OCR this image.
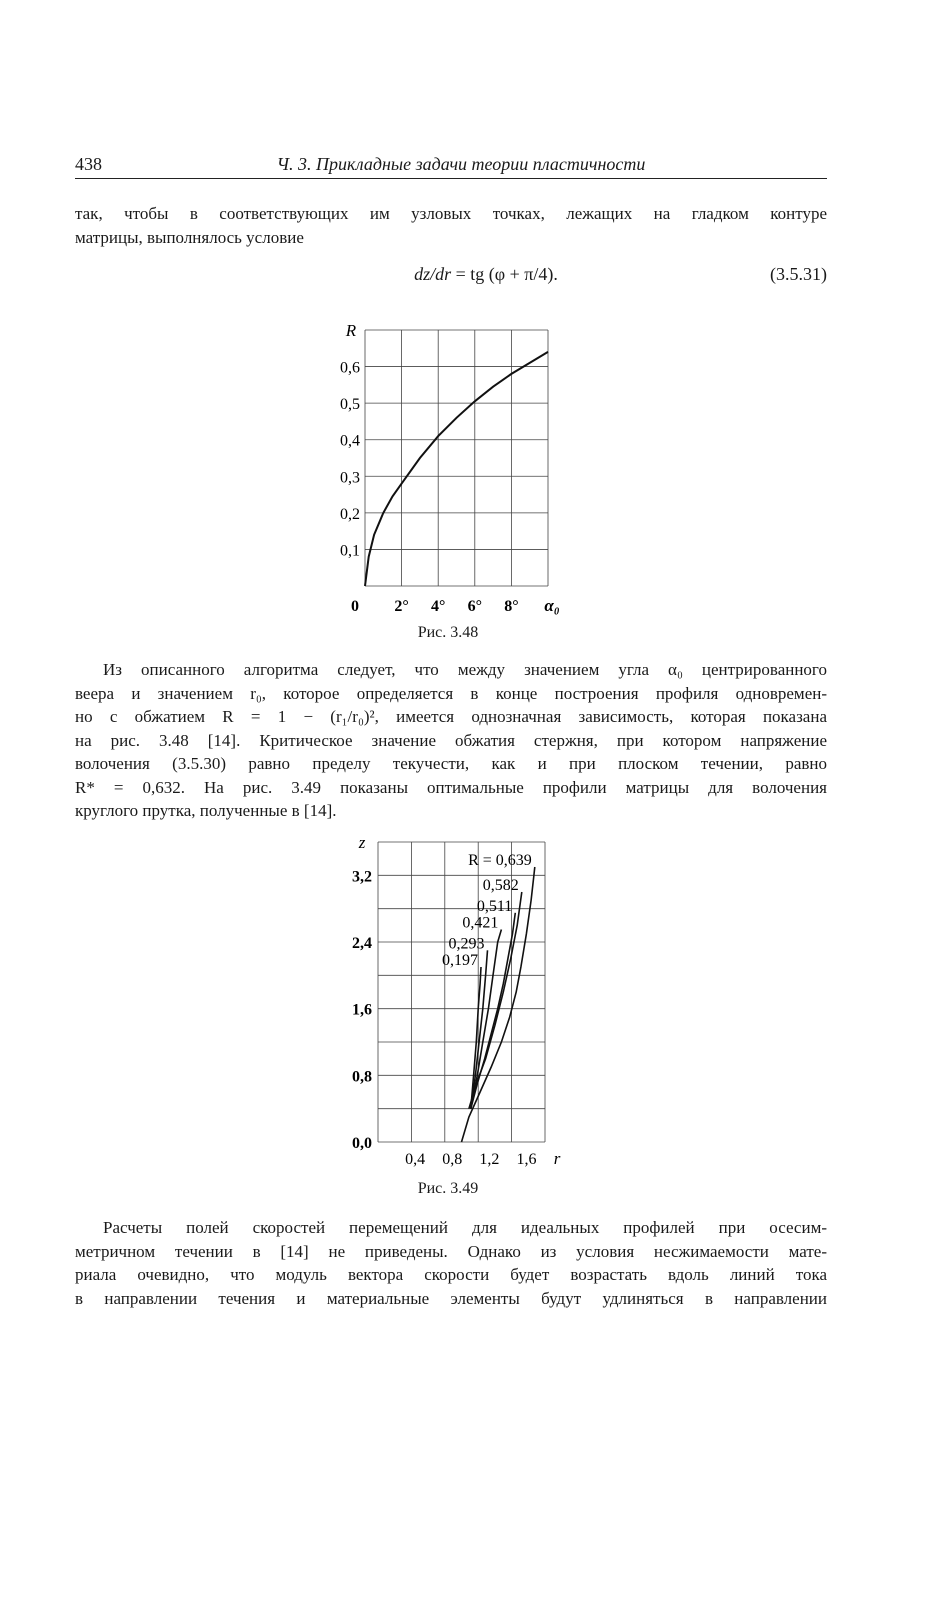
438	Ч. 3. Прикладные задачи теории пластичности
так, чтобы в соответствующих им узловых точках, лежащих на гладком контуре
матрицы, выполнялось условие
dz/dr = tg (φ + π/4).	(3.5.31)
0,1
0,2
0,3
0,4
0,5
0,6
2° 4° 6° 8°
0	α₀
R
Рис. 3.48
Из описанного алгоритма следует, что между значением угла α₀ центрированного
веера и значением r₀, которое определяется в конце построения профиля одновремен-
но с обжатием R = 1 − (r₁/r₀)², имеется однозначная зависимость, которая показана
на рис. 3.48 [14]. Критическое значение обжатия стержня, при котором напряжение
волочения (3.5.30) равно пределу текучести, как и при плоском течении, равно
R* = 0,632. На рис. 3.49 показаны оптимальные профили матрицы для волочения
круглого прутка, полученные в [14].
0,0
0,8
1,6
2,4
3,2
0,4 0,8 1,2 1,6 r
z
R = 0,639
0,582
0,511
0,421
0,293
0,197
Рис. 3.49
Расчеты полей скоростей перемещений для идеальных профилей при осесим-
метричном течении в [14] не приведены. Однако из условия несжимаемости мате-
риала очевидно, что модуль вектора скорости будет возрастать вдоль линий тока
в направлении течения и материальные элементы будут удлиняться в направлении
